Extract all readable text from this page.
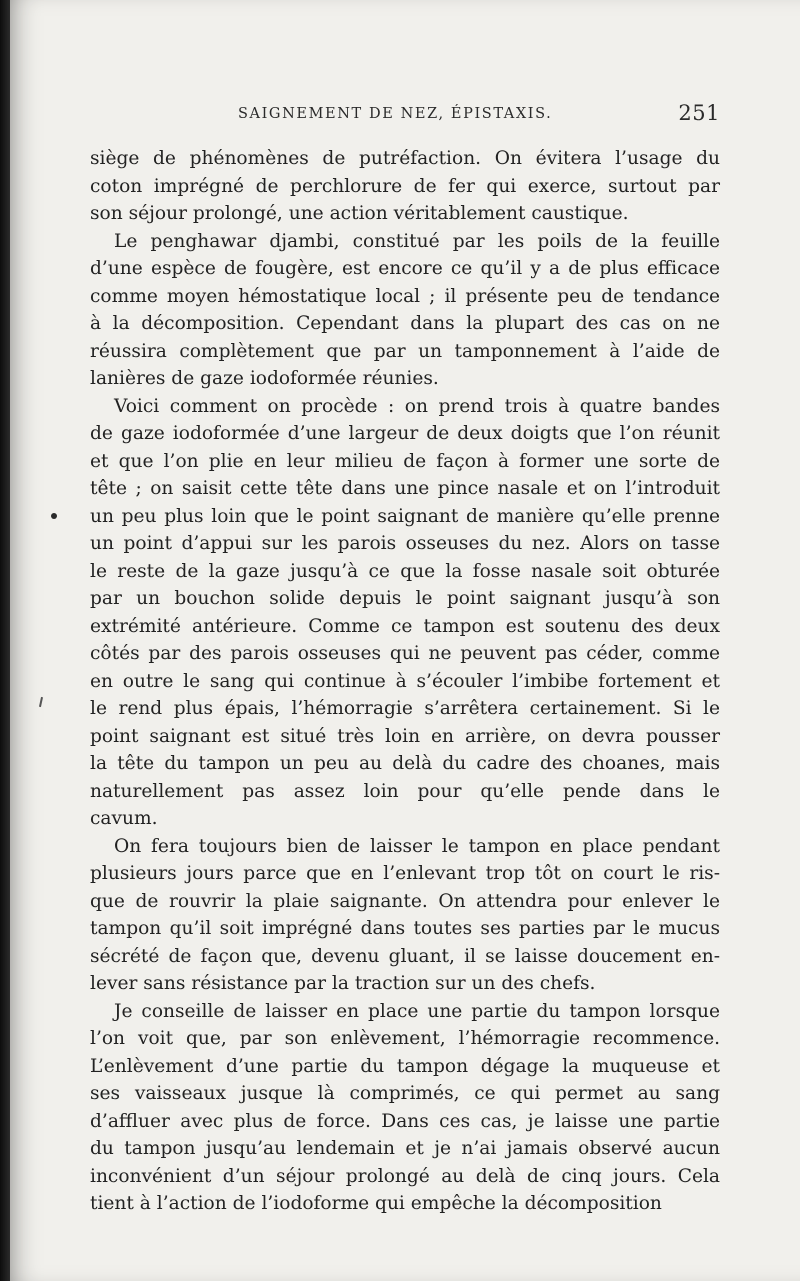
SAIGNEMENT DE NEZ, ÉPISTAXIS.	251
siège de phénomènes de putréfaction. On évitera l’usage du
coton imprégné de perchlorure de fer qui exerce, surtout par
son séjour prolongé, une action véritablement caustique.
Le penghawar djambi, constitué par les poils de la feuille
d’une espèce de fougère, est encore ce qu’il y a de plus efficace
comme moyen hémostatique local ; il présente peu de tendance
à la décomposition. Cependant dans la plupart des cas on ne
réussira complètement que par un tamponnement à l’aide de
lanières de gaze iodoformée réunies.
Voici comment on procède : on prend trois à quatre bandes
de gaze iodoformée d’une largeur de deux doigts que l’on réunit
et que l’on plie en leur milieu de façon à former une sorte de
tête ; on saisit cette tête dans une pince nasale et on l’introduit
un peu plus loin que le point saignant de manière qu’elle prenne
un point d’appui sur les parois osseuses du nez. Alors on tasse
le reste de la gaze jusqu’à ce que la fosse nasale soit obturée
par un bouchon solide depuis le point saignant jusqu’à son
extrémité antérieure. Comme ce tampon est soutenu des deux
côtés par des parois osseuses qui ne peuvent pas céder, comme
en outre le sang qui continue à s’écouler l’imbibe fortement et
le rend plus épais, l’hémorragie s’arrêtera certainement. Si le
point saignant est situé très loin en arrière, on devra pousser
la tête du tampon un peu au delà du cadre des choanes, mais
naturellement pas assez loin pour qu’elle pende dans le
cavum.
On fera toujours bien de laisser le tampon en place pendant
plusieurs jours parce que en l’enlevant trop tôt on court le ris-
que de rouvrir la plaie saignante. On attendra pour enlever le
tampon qu’il soit imprégné dans toutes ses parties par le mucus
sécrété de façon que, devenu gluant, il se laisse doucement en-
lever sans résistance par la traction sur un des chefs.
Je conseille de laisser en place une partie du tampon lorsque
l’on voit que, par son enlèvement, l’hémorragie recommence.
L’enlèvement d’une partie du tampon dégage la muqueuse et
ses vaisseaux jusque là comprimés, ce qui permet au sang
d’affluer avec plus de force. Dans ces cas, je laisse une partie
du tampon jusqu’au lendemain et je n’ai jamais observé aucun
inconvénient d’un séjour prolongé au delà de cinq jours. Cela
tient à l’action de l’iodoforme qui empêche la décomposition
